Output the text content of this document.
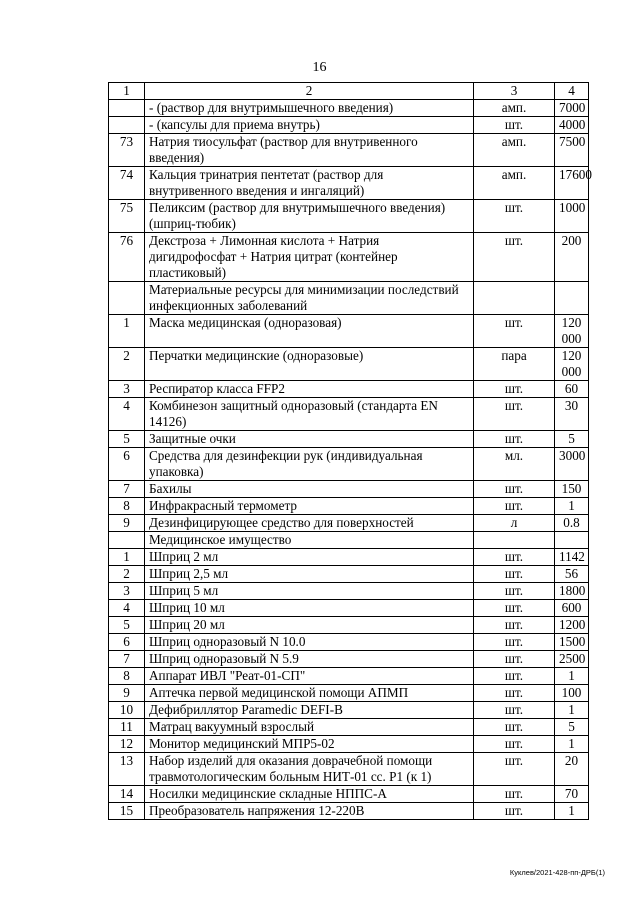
16
1	2	3	4
	- (раствор для внутримышечного введения)	амп.	7000
	- (капсулы для приема внутрь)	шт.	4000
73	Натрия тиосульфат (раствор для внутривенного введения)	амп.	7500
74	Кальция тринатрия пентетат (раствор для внутривенного введения и ингаляций)	амп.	17600
75	Пеликсим (раствор для внутримышечного введения) (шприц-тюбик)	шт.	1000
76	Декстроза + Лимонная кислота + Натрия дигидрофосфат + Натрия цитрат (контейнер пластиковый)	шт.	200
	Материальные ресурсы для минимизации последствий инфекционных заболеваний		
1	Маска медицинская (одноразовая)	шт.	120 000
2	Перчатки медицинские (одноразовые)	пара	120 000
3	Респиратор класса FFP2	шт.	60
4	Комбинезон защитный одноразовый (стандарта EN 14126)	шт.	30
5	Защитные очки	шт.	5
6	Средства для дезинфекции рук (индивидуальная упаковка)	мл.	3000
7	Бахилы	шт.	150
8	Инфракрасный термометр	шт.	1
9	Дезинфицирующее средство для поверхностей	л	0.8
	Медицинское имущество		
1	Шприц 2 мл	шт.	1142
2	Шприц 2,5 мл	шт.	56
3	Шприц 5 мл	шт.	1800
4	Шприц 10 мл	шт.	600
5	Шприц 20 мл	шт.	1200
6	Шприц одноразовый N 10.0	шт.	1500
7	Шприц одноразовый N 5.9	шт.	2500
8	Аппарат ИВЛ "Реат-01-СП"	шт.	1
9	Аптечка первой медицинской помощи АПМП	шт.	100
10	Дефибриллятор Paramedic DEFI-B	шт.	1
11	Матрац вакуумный взрослый	шт.	5
12	Монитор медицинский МПР5-02	шт.	1
13	Набор изделий для оказания доврачебной помощи травмотологическим больным НИТ-01 сс. Р1 (к 1)	шт.	20
14	Носилки медицинские складные НППС-А	шт.	70
15	Преобразователь напряжения 12-220В	шт.	1
Куклев/2021-428-пп-ДРБ(1)
